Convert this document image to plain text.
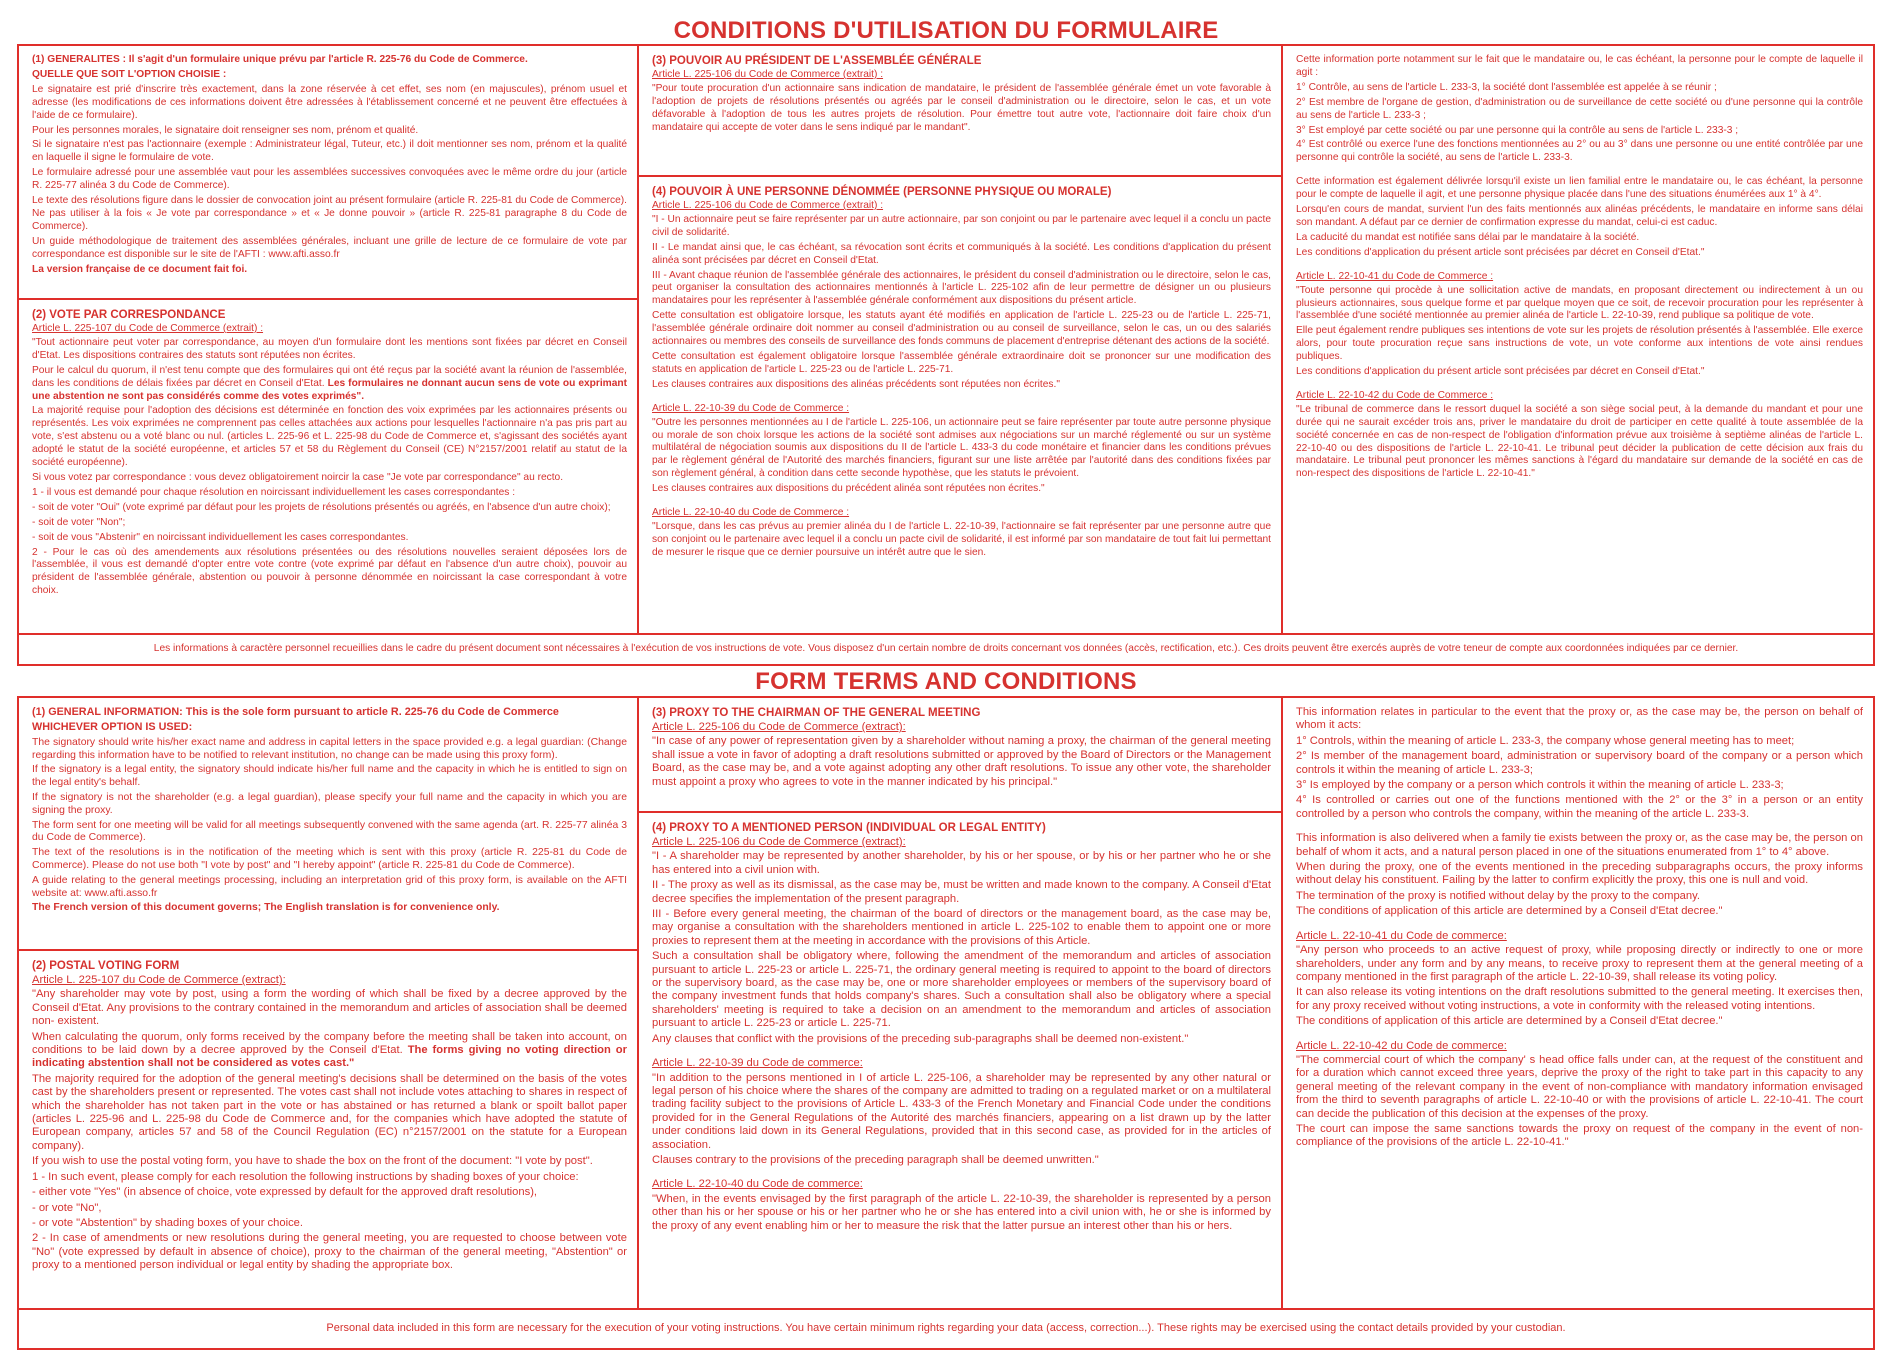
CONDITIONS D'UTILISATION DU FORMULAIRE
(1) GENERALITES : Il s'agit d'un formulaire unique prévu par l'article R. 225-76 du Code de Commerce.
QUELLE QUE SOIT L'OPTION CHOISIE :

Le signataire est prié d'inscrire très exactement, dans la zone réservée à cet effet, ses nom (en majuscules), prénom usuel et adresse (les modifications de ces informations doivent être adressées à l'établissement concerné et ne peuvent être effectuées à l'aide de ce formulaire).

Pour les personnes morales, le signataire doit renseigner ses nom, prénom et qualité.

Si le signataire n'est pas l'actionnaire (exemple : Administrateur légal, Tuteur, etc.) il doit mentionner ses nom, prénom et la qualité en laquelle il signe le formulaire de vote.

Le formulaire adressé pour une assemblée vaut pour les assemblées successives convoquées avec le même ordre du jour (article R. 225-77 alinéa 3 du Code de Commerce).

Le texte des résolutions figure dans le dossier de convocation joint au présent formulaire (article R. 225-81 du Code de Commerce). Ne pas utiliser à la fois « Je vote par correspondance » et « Je donne pouvoir » (article R. 225-81 paragraphe 8 du Code de Commerce).

Un guide méthodologique de traitement des assemblées générales, incluant une grille de lecture de ce formulaire de vote par correspondance est disponible sur le site de l'AFTI : www.afti.asso.fr

La version française de ce document fait foi.

(2) VOTE PAR CORRESPONDANCE
Article L. 225-107 du Code de Commerce (extrait) :

"Tout actionnaire peut voter par correspondance, au moyen d'un formulaire dont les mentions sont fixées par décret en Conseil d'Etat. Les dispositions contraires des statuts sont réputées non écrites.

Pour le calcul du quorum, il n'est tenu compte que des formulaires qui ont été reçus par la société avant la réunion de l'assemblée, dans les conditions de délais fixées par décret en Conseil d'Etat. Les formulaires ne donnant aucun sens de vote ou exprimant une abstention ne sont pas considérés comme des votes exprimés".

La majorité requise pour l'adoption des décisions est déterminée en fonction des voix exprimées par les actionnaires présents ou représentés. Les voix exprimées ne comprennent pas celles attachées aux actions pour lesquelles l'actionnaire n'a pas pris part au vote, s'est abstenu ou a voté blanc ou nul. (articles L. 225-96 et L. 225-98 du Code de Commerce et, s'agissant des sociétés ayant adopté le statut de la société européenne, et articles 57 et 58 du Règlement du Conseil (CE) N°2157/2001 relatif au statut de la société européenne).

Si vous votez par correspondance : vous devez obligatoirement noircir la case "Je vote par correspondance" au recto.

1 - il vous est demandé pour chaque résolution en noircissant individuellement les cases correspondantes :

- soit de voter "Oui" (vote exprimé par défaut pour les projets de résolutions présentés ou agréés, en l'absence d'un autre choix);

- soit de voter "Non";

- soit de vous "Abstenir" en noircissant individuellement les cases correspondantes.

2 - Pour le cas où des amendements aux résolutions présentées ou des résolutions nouvelles seraient déposées lors de l'assemblée, il vous est demandé d'opter entre vote contre (vote exprimé par défaut en l'absence d'un autre choix), pouvoir au président de l'assemblée générale, abstention ou pouvoir à personne dénommée en noircissant la case correspondant à votre choix.

(3) POUVOIR AU PRÉSIDENT DE L'ASSEMBLÉE GÉNÉRALE
Article L. 225-106 du Code de Commerce (extrait) :

"Pour toute procuration d'un actionnaire sans indication de mandataire, le président de l'assemblée générale émet un vote favorable à l'adoption de projets de résolutions présentés ou agréés par le conseil d'administration ou le directoire, selon le cas, et un vote défavorable à l'adoption de tous les autres projets de résolution. Pour émettre tout autre vote, l'actionnaire doit faire choix d'un mandataire qui accepte de voter dans le sens indiqué par le mandant".

(4) POUVOIR À UNE PERSONNE DÉNOMMÉE (PERSONNE PHYSIQUE OU MORALE)
Article L. 225-106 du Code de Commerce (extrait) :

"I - Un actionnaire peut se faire représenter par un autre actionnaire, par son conjoint ou par le partenaire avec lequel il a conclu un pacte civil de solidarité.

II - Le mandat ainsi que, le cas échéant, sa révocation sont écrits et communiqués à la société. Les conditions d'application du présent alinéa sont précisées par décret en Conseil d'Etat.

III - Avant chaque réunion de l'assemblée générale des actionnaires, le président du conseil d'administration ou le directoire, selon le cas, peut organiser la consultation des actionnaires mentionnés à l'article L. 225-102 afin de leur permettre de désigner un ou plusieurs mandataires pour les représenter à l'assemblée générale conformément aux dispositions du présent article.

Cette consultation est obligatoire lorsque, les statuts ayant été modifiés en application de l'article L. 225-23 ou de l'article L. 225-71, l'assemblée générale ordinaire doit nommer au conseil d'administration ou au conseil de surveillance, selon le cas, un ou des salariés actionnaires ou membres des conseils de surveillance des fonds communs de placement d'entreprise détenant des actions de la société.

Cette consultation est également obligatoire lorsque l'assemblée générale extraordinaire doit se prononcer sur une modification des statuts en application de l'article L. 225-23 ou de l'article L. 225-71.

Les clauses contraires aux dispositions des alinéas précédents sont réputées non écrites."

Article L. 22-10-39 du Code de Commerce :

"Outre les personnes mentionnées au I de l'article L. 225-106, un actionnaire peut se faire représenter par toute autre personne physique ou morale de son choix lorsque les actions de la société sont admises aux négociations sur un marché réglementé ou sur un système multilatéral de négociation soumis aux dispositions du II de l'article L. 433-3 du code monétaire et financier dans les conditions prévues par le règlement général de l'Autorité des marchés financiers, figurant sur une liste arrêtée par l'autorité dans des conditions fixées par son règlement général, à condition dans cette seconde hypothèse, que les statuts le prévoient.

Les clauses contraires aux dispositions du précédent alinéa sont réputées non écrites."

Article L. 22-10-40 du Code de Commerce :

"Lorsque, dans les cas prévus au premier alinéa du I de l'article L. 22-10-39, l'actionnaire se fait représenter par une personne autre que son conjoint ou le partenaire avec lequel il a conclu un pacte civil de solidarité, il est informé par son mandataire de tout fait lui permettant de mesurer le risque que ce dernier poursuive un intérêt autre que le sien.

Cette information porte notamment sur le fait que le mandataire ou, le cas échéant, la personne pour le compte de laquelle il agit :

1° Contrôle, au sens de l'article L. 233-3, la société dont l'assemblée est appelée à se réunir ;

2° Est membre de l'organe de gestion, d'administration ou de surveillance de cette société ou d'une personne qui la contrôle au sens de l'article L. 233-3 ;

3° Est employé par cette société ou par une personne qui la contrôle au sens de l'article L. 233-3 ;

4° Est contrôlé ou exerce l'une des fonctions mentionnées au 2° ou au 3° dans une personne ou une entité contrôlée par une personne qui contrôle la société, au sens de l'article L. 233-3.

Cette information est également délivrée lorsqu'il existe un lien familial entre le mandataire ou, le cas échéant, la personne pour le compte de laquelle il agit, et une personne physique placée dans l'une des situations énumérées aux 1° à 4°.

Lorsqu'en cours de mandat, survient l'un des faits mentionnés aux alinéas précédents, le mandataire en informe sans délai son mandant. A défaut par ce dernier de confirmation expresse du mandat, celui-ci est caduc.

La caducité du mandat est notifiée sans délai par le mandataire à la société.

Les conditions d'application du présent article sont précisées par décret en Conseil d'Etat."

Article L. 22-10-41 du Code de Commerce :

"Toute personne qui procède à une sollicitation active de mandats, en proposant directement ou indirectement à un ou plusieurs actionnaires, sous quelque forme et par quelque moyen que ce soit, de recevoir procuration pour les représenter à l'assemblée d'une société mentionnée au premier alinéa de l'article L. 22-10-39, rend publique sa politique de vote.

Elle peut également rendre publiques ses intentions de vote sur les projets de résolution présentés à l'assemblée. Elle exerce alors, pour toute procuration reçue sans instructions de vote, un vote conforme aux intentions de vote ainsi rendues publiques.

Les conditions d'application du présent article sont précisées par décret en Conseil d'Etat."

Article L. 22-10-42 du Code de Commerce :

"Le tribunal de commerce dans le ressort duquel la société a son siège social peut, à la demande du mandant et pour une durée qui ne saurait excéder trois ans, priver le mandataire du droit de participer en cette qualité à toute assemblée de la société concernée en cas de non-respect de l'obligation d'information prévue aux troisième à septième alinéas de l'article L. 22-10-40 ou des dispositions de l'article L. 22-10-41. Le tribunal peut décider la publication de cette décision aux frais du mandataire. Le tribunal peut prononcer les mêmes sanctions à l'égard du mandataire sur demande de la société en cas de non-respect des dispositions de l'article L. 22-10-41."

Les informations à caractère personnel recueillies dans le cadre du présent document sont nécessaires à l'exécution de vos instructions de vote. Vous disposez d'un certain nombre de droits concernant vos données (accès, rectification, etc.). Ces droits peuvent être exercés auprès de votre teneur de compte aux coordonnées indiquées par ce dernier.
FORM TERMS AND CONDITIONS
(1) GENERAL INFORMATION: This is the sole form pursuant to article R. 225-76 du Code de Commerce
WHICHEVER OPTION IS USED:

The signatory should write his/her exact name and address in capital letters in the space provided e.g. a legal guardian: (Change regarding this information have to be notified to relevant institution, no change can be made using this proxy form).

If the signatory is a legal entity, the signatory should indicate his/her full name and the capacity in which he is entitled to sign on the legal entity's behalf.

If the signatory is not the shareholder (e.g. a legal guardian), please specify your full name and the capacity in which you are signing the proxy.

The form sent for one meeting will be valid for all meetings subsequently convened with the same agenda (art. R. 225-77 alinéa 3 du Code de Commerce).

The text of the resolutions is in the notification of the meeting which is sent with this proxy (article R. 225-81 du Code de Commerce). Please do not use both "I vote by post" and "I hereby appoint" (article R. 225-81 du Code de Commerce).

A guide relating to the general meetings processing, including an interpretation grid of this proxy form, is available on the AFTI website at: www.afti.asso.fr

The French version of this document governs; The English translation is for convenience only.

(2) POSTAL VOTING FORM
Article L. 225-107 du Code de Commerce (extract):

"Any shareholder may vote by post, using a form the wording of which shall be fixed by a decree approved by the Conseil d'Etat. Any provisions to the contrary contained in the memorandum and articles of association shall be deemed non- existent.

When calculating the quorum, only forms received by the company before the meeting shall be taken into account, on conditions to be laid down by a decree approved by the Conseil d'Etat. The forms giving no voting direction or indicating abstention shall not be considered as votes cast."

The majority required for the adoption of the general meeting's decisions shall be determined on the basis of the votes cast by the shareholders present or represented. The votes cast shall not include votes attaching to shares in respect of which the shareholder has not taken part in the vote or has abstained or has returned a blank or spoilt ballot paper (articles L. 225-96 and L. 225-98 du Code de Commerce and, for the companies which have adopted the statute of European company, articles 57 and 58 of the Council Regulation (EC) n°2157/2001 on the statute for a European company).

If you wish to use the postal voting form, you have to shade the box on the front of the document: "I vote by post".

1 - In such event, please comply for each resolution the following instructions by shading boxes of your choice:

- either vote "Yes" (in absence of choice, vote expressed by default for the approved draft resolutions),

- or vote "No",

- or vote "Abstention" by shading boxes of your choice.

2 - In case of amendments or new resolutions during the general meeting, you are requested to choose between vote "No" (vote expressed by default in absence of choice), proxy to the chairman of the general meeting, "Abstention" or proxy to a mentioned person individual or legal entity by shading the appropriate box.

(3) PROXY TO THE CHAIRMAN OF THE GENERAL MEETING
Article L. 225-106 du Code de Commerce (extract):

"In case of any power of representation given by a shareholder without naming a proxy, the chairman of the general meeting shall issue a vote in favor of adopting a draft resolutions submitted or approved by the Board of Directors or the Management Board, as the case may be, and a vote against adopting any other draft resolutions. To issue any other vote, the shareholder must appoint a proxy who agrees to vote in the manner indicated by his principal."

(4) PROXY TO A MENTIONED PERSON (INDIVIDUAL OR LEGAL ENTITY)
Article L. 225-106 du Code de Commerce (extract):

"I - A shareholder may be represented by another shareholder, by his or her spouse, or by his or her partner who he or she has entered into a civil union with.

II - The proxy as well as its dismissal, as the case may be, must be written and made known to the company. A Conseil d'Etat decree specifies the implementation of the present paragraph.

III - Before every general meeting, the chairman of the board of directors or the management board, as the case may be, may organise a consultation with the shareholders mentioned in article L. 225-102 to enable them to appoint one or more proxies to represent them at the meeting in accordance with the provisions of this Article.

Such a consultation shall be obligatory where, following the amendment of the memorandum and articles of association pursuant to article L. 225-23 or article L. 225-71, the ordinary general meeting is required to appoint to the board of directors or the supervisory board, as the case may be, one or more shareholder employees or members of the supervisory board of the company investment funds that holds company's shares. Such a consultation shall also be obligatory where a special shareholders' meeting is required to take a decision on an amendment to the memorandum and articles of association pursuant to article L. 225-23 or article L. 225-71.

Any clauses that conflict with the provisions of the preceding sub-paragraphs shall be deemed non-existent."

Article L. 22-10-39 du Code de commerce:

"In addition to the persons mentioned in I of article L. 225-106, a shareholder may be represented by any other natural or legal person of his choice where the shares of the company are admitted to trading on a regulated market or on a multilateral trading facility subject to the provisions of Article L. 433-3 of the French Monetary and Financial Code under the conditions provided for in the General Regulations of the Autorité des marchés financiers, appearing on a list drawn up by the latter under conditions laid down in its General Regulations, provided that in this second case, as provided for in the articles of association.

Clauses contrary to the provisions of the preceding paragraph shall be deemed unwritten."

Article L. 22-10-40 du Code de commerce:

"When, in the events envisaged by the first paragraph of the article L. 22-10-39, the shareholder is represented by a person other than his or her spouse or his or her partner who he or she has entered into a civil union with, he or she is informed by the proxy of any event enabling him or her to measure the risk that the latter pursue an interest other than his or hers.

This information relates in particular to the event that the proxy or, as the case may be, the person on behalf of whom it acts:

1° Controls, within the meaning of article L. 233-3, the company whose general meeting has to meet;

2° Is member of the management board, administration or supervisory board of the company or a person which controls it within the meaning of article L. 233-3;

3° Is employed by the company or a person which controls it within the meaning of article L. 233-3;

4° Is controlled or carries out one of the functions mentioned with the 2° or the 3° in a person or an entity controlled by a person who controls the company, within the meaning of the article L. 233-3.

This information is also delivered when a family tie exists between the proxy or, as the case may be, the person on behalf of whom it acts, and a natural person placed in one of the situations enumerated from 1° to 4° above.

When during the proxy, one of the events mentioned in the preceding subparagraphs occurs, the proxy informs without delay his constituent. Failing by the latter to confirm explicitly the proxy, this one is null and void.

The termination of the proxy is notified without delay by the proxy to the company.

The conditions of application of this article are determined by a Conseil d'Etat decree."

Article L. 22-10-41 du Code de commerce:

"Any person who proceeds to an active request of proxy, while proposing directly or indirectly to one or more shareholders, under any form and by any means, to receive proxy to represent them at the general meeting of a company mentioned in the first paragraph of the article L. 22-10-39, shall release its voting policy.

It can also release its voting intentions on the draft resolutions submitted to the general meeting. It exercises then, for any proxy received without voting instructions, a vote in conformity with the released voting intentions.

The conditions of application of this article are determined by a Conseil d'Etat decree."

Article L. 22-10-42 du Code de commerce:

"The commercial court of which the company' s head office falls under can, at the request of the constituent and for a duration which cannot exceed three years, deprive the proxy of the right to take part in this capacity to any general meeting of the relevant company in the event of non-compliance with mandatory information envisaged from the third to seventh paragraphs of article L. 22-10-40 or with the provisions of article L. 22-10-41. The court can decide the publication of this decision at the expenses of the proxy.

The court can impose the same sanctions towards the proxy on request of the company in the event of non-compliance of the provisions of the article L. 22-10-41."

Personal data included in this form are necessary for the execution of your voting instructions. You have certain minimum rights regarding your data (access, correction...). These rights may be exercised using the contact details provided by your custodian.
